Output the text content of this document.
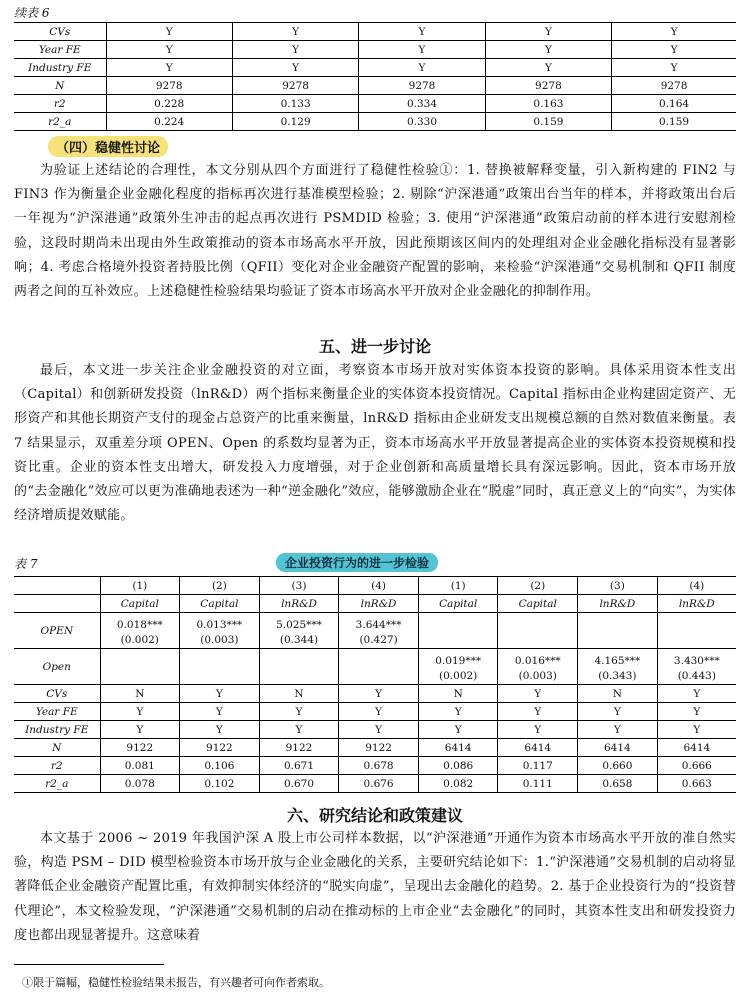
续表 6
CVs	Y	Y	Y	Y	Y
Year FE	Y	Y	Y	Y	Y
Industry FE	Y	Y	Y	Y	Y
N	9278	9278	9278	9278	9278
r2	0.228	0.133	0.334	0.163	0.164
r2_a	0.224	0.129	0.330	0.159	0.159
（四）稳健性讨论

为验证上述结论的合理性，本文分别从四个方面进行了稳健性检验①：1. 替换被解释变量，引入新构建的 FIN2 与 FIN3 作为衡量企业金融化程度的指标再次进行基准模型检验；2. 剔除“沪深港通”政策出台当年的样本，并将政策出台后一年视为“沪深港通”政策外生冲击的起点再次进行 PSMDID 检验；3. 使用“沪深港通”政策启动前的样本进行安慰剂检验，这段时期尚未出现由外生政策推动的资本市场高水平开放，因此预期该区间内的处理组对企业金融化指标没有显著影响；4. 考虑合格境外投资者持股比例（QFII）变化对企业金融资产配置的影响，来检验“沪深港通”交易机制和 QFII 制度两者之间的互补效应。上述稳健性检验结果均验证了资本市场高水平开放对企业金融化的抑制作用。

五、进一步讨论

最后，本文进一步关注企业金融投资的对立面，考察资本市场开放对实体资本投资的影响。具体采用资本性支出（Capital）和创新研发投资（lnR&D）两个指标来衡量企业的实体资本投资情况。Capital 指标由企业构建固定资产、无形资产和其他长期资产支付的现金占总资产的比重来衡量，lnR&D 指标由企业研发支出规模总额的自然对数值来衡量。表 7 结果显示，双重差分项 OPEN、Open 的系数均显著为正，资本市场高水平开放显著提高企业的实体资本投资规模和投资比重。企业的资本性支出增大，研发投入力度增强，对于企业创新和高质量增长具有深远影响。因此，资本市场开放的“去金融化”效应可以更为准确地表述为一种“逆金融化”效应，能够激励企业在“脱虚”同时，真正意义上的“向实”，为实体经济增质提效赋能。

表 7	企业投资行为的进一步检验
	(1)	(2)	(3)	(4)	(1)	(2)	(3)	(4)
	Capital	Capital	lnR&D	lnR&D	Capital	Capital	lnR&D	lnR&D
OPEN	0.018***	0.013***	5.025***	3.644***				
	(0.002)	(0.003)	(0.344)	(0.427)				
Open					0.019***	0.016***	4.165***	3.430***
					(0.002)	(0.003)	(0.343)	(0.443)
CVs	N	Y	N	Y	N	Y	N	Y
Year FE	Y	Y	Y	Y	Y	Y	Y	Y
Industry FE	Y	Y	Y	Y	Y	Y	Y	Y
N	9122	9122	9122	9122	6414	6414	6414	6414
r2	0.081	0.106	0.671	0.678	0.086	0.117	0.660	0.666
r2_a	0.078	0.102	0.670	0.676	0.082	0.111	0.658	0.663
六、研究结论和政策建议

本文基于 2006 ~ 2019 年我国沪深 A 股上市公司样本数据，以“沪深港通”开通作为资本市场高水平开放的准自然实验，构造 PSM – DID 模型检验资本市场开放与企业金融化的关系，主要研究结论如下：1.“沪深港通”交易机制的启动将显著降低企业金融资产配置比重，有效抑制实体经济的“脱实向虚”，呈现出去金融化的趋势。2. 基于企业投资行为的“投资替代理论”，本文检验发现，“沪深港通”交易机制的启动在推动标的上市企业“去金融化”的同时，其资本性支出和研发投资力度也都出现显著提升。这意味着

①限于篇幅，稳健性检验结果未报告，有兴趣者可向作者索取。
